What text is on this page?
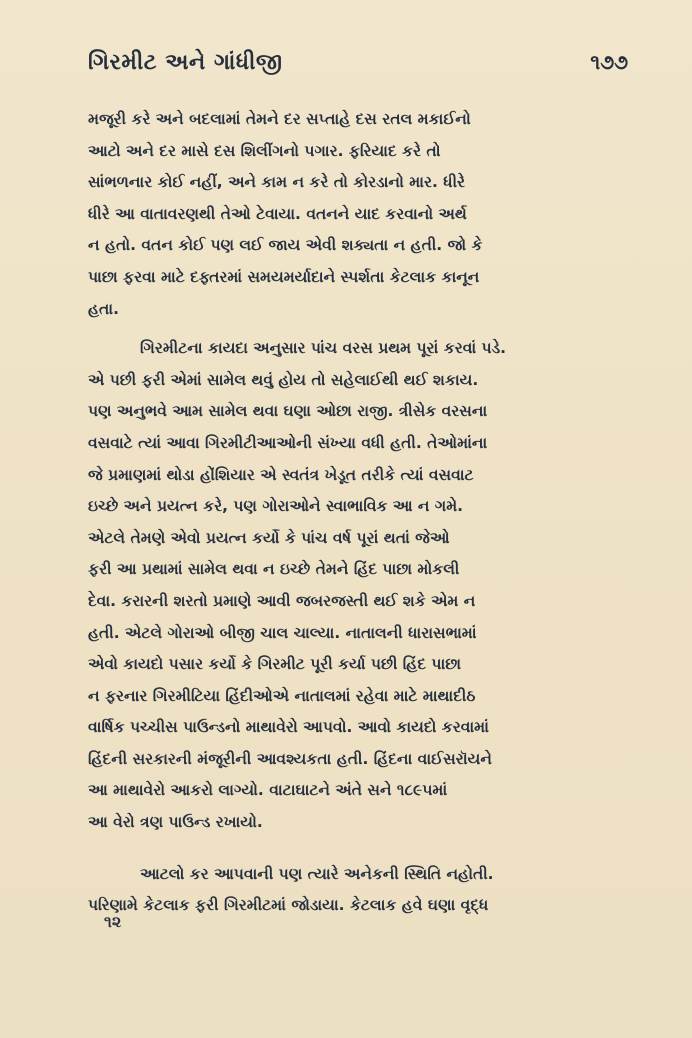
ગિરમીટ અને ગાંધીજી	૧૭૭

મજૂરી કરે અને બદલામાં તેમને દર સપ્તાહે દસ રતલ મકાઈનો
આટો અને દર માસે દસ શિલીંગનો પગાર. ફરિયાદ કરે તો
સાંભળનાર કોઈ નહીં, અને કામ ન કરે તો કોરડાનો માર. ધીરે
ધીરે આ વાતાવરણથી તેઓ ટેવાયા. વતનને યાદ કરવાનો અર્થ
ન હતો. વતન કોઈ પણ લઈ જાય એવી શક્યતા ન હતી. જો કે
પાછા ફરવા માટે દફ્તરમાં સમયમર્યાદાને સ્પર્શતા કેટલાક કાનૂન
હતા.

ગિરમીટના કાયદા અનુસાર પાંચ વરસ પ્રથમ પૂરાં કરવાં પડે.
એ પછી ફરી એમાં સામેલ થવું હોય તો સહેલાઈથી થઈ શકાય.
પણ અનુભવે આમ સામેલ થવા ઘણા ઓછા રાજી. ત્રીસેક વરસના
વસવાટે ત્યાં આવા ગિરમીટીઆઓની સંખ્યા વધી હતી. તેઓમાંના
જે પ્રમાણમાં થોડા હોંશિયાર એ સ્વતંત્ર ખેડૂત તરીકે ત્યાં વસવાટ
ઇચ્છે અને પ્રયત્ન કરે, પણ ગોરાઓને સ્વાભાવિક આ ન ગમે.
એટલે તેમણે એવો પ્રયત્ન કર્યો કે પાંચ વર્ષ પૂરાં થતાં જેઓ
ફરી આ પ્રથામાં સામેલ થવા ન ઇચ્છે તેમને હિંદ પાછા મોકલી
દેવા. કરારની શરતો પ્રમાણે આવી જબરજસ્તી થઈ શકે એમ ન
હતી. એટલે ગોરાઓ બીજી ચાલ ચાલ્યા. નાતાલની ધારાસભામાં
એવો કાયદો પસાર કર્યો કે ગિરમીટ પૂરી કર્યા પછી હિંદ પાછા
ન ફરનાર ગિરમીટિયા હિંદીઓએ નાતાલમાં રહેવા માટે માથાદીઠ
વાર્ષિક પચ્ચીસ પાઉન્ડનો માથાવેરો આપવો. આવો કાયદો કરવામાં
હિંદની સરકારની મંજૂરીની આવશ્યકતા હતી. હિંદના વાઈસરૉયને
આ માથાવેરો આકરો લાગ્યો. વાટાઘાટને અંતે સને ૧૮૯૫માં
આ વેરો ત્રણ પાઉન્ડ રખાયો.

આટલો કર આપવાની પણ ત્યારે અનેકની સ્થિતિ નહોતી.
પરિણામે કેટલાક ફરી ગિરમીટમાં જોડાયા. કેટલાક હવે ઘણા વૃદ્ધ

૧૨
